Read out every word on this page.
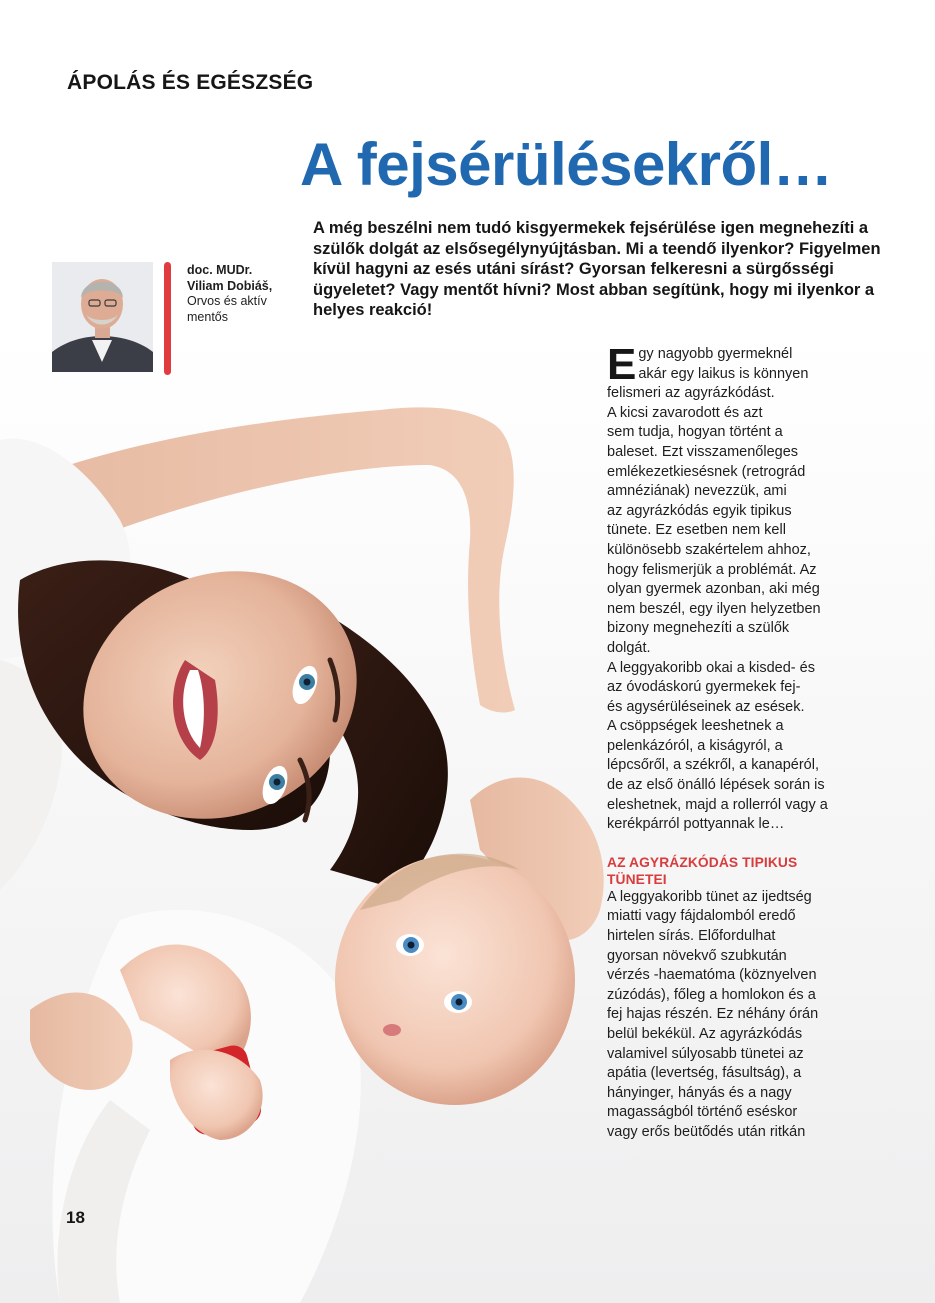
ÁPOLÁS ÉS EGÉSZSÉG
A fejsérülésekről…
A még beszélni nem tudó kisgyermekek fejsérülése igen megnehezíti a szülők dolgát az elsősegélynyújtásban. Mi a teendő ilyenkor? Figyelmen kívül hagyni az esés utáni sírást? Gyorsan felkeresni a sürgősségi ügyeletet? Vagy mentőt hívni? Most abban segítünk, hogy mi ilyenkor a helyes reakció!
doc. MUDr.
Viliam Dobiáš,
Orvos és aktív
mentős
Egy nagyobb gyermeknél
akár egy laikus is könnyen
felismeri az agyrázkódást.
A kicsi zavarodott és azt
sem tudja, hogyan történt a
baleset. Ezt visszamenőleges
emlékezetkiesésnek (retrográd
amnéziának) nevezzük, ami
az agyrázkódás egyik tipikus
tünete. Ez esetben nem kell
különösebb szakértelem ahhoz,
hogy felismerjük a problémát. Az
olyan gyermek azonban, aki még
nem beszél, egy ilyen helyzetben
bizony megnehezíti a szülők
dolgát.
A leggyakoribb okai a kisded- és
az óvodáskorú gyermekek fej-
és agysérüléseinek az esések.
A csöppségek leeshetnek a
pelenkázóról, a kiságyról, a
lépcsőről, a székről, a kanapéról,
de az első önálló lépések során is
eleshetnek, majd a rollerról vagy a
kerékpárról pottyannak le…
AZ AGYRÁZKÓDÁS TIPIKUS
TÜNETEI
A leggyakoribb tünet az ijedtség
miatti vagy fájdalomból eredő
hirtelen sírás. Előfordulhat
gyorsan növekvő szubkután
vérzés -haematóma (köznyelven
zúzódás), főleg a homlokon és a
fej hajas részén. Ez néhány órán
belül bekékül. Az agyrázkódás
valamivel súlyosabb tünetei az
apátia (levertség, fásultság), a
hányinger, hányás és a nagy
magasságból történő eséskor
vagy erős beütődés után ritkán
18
